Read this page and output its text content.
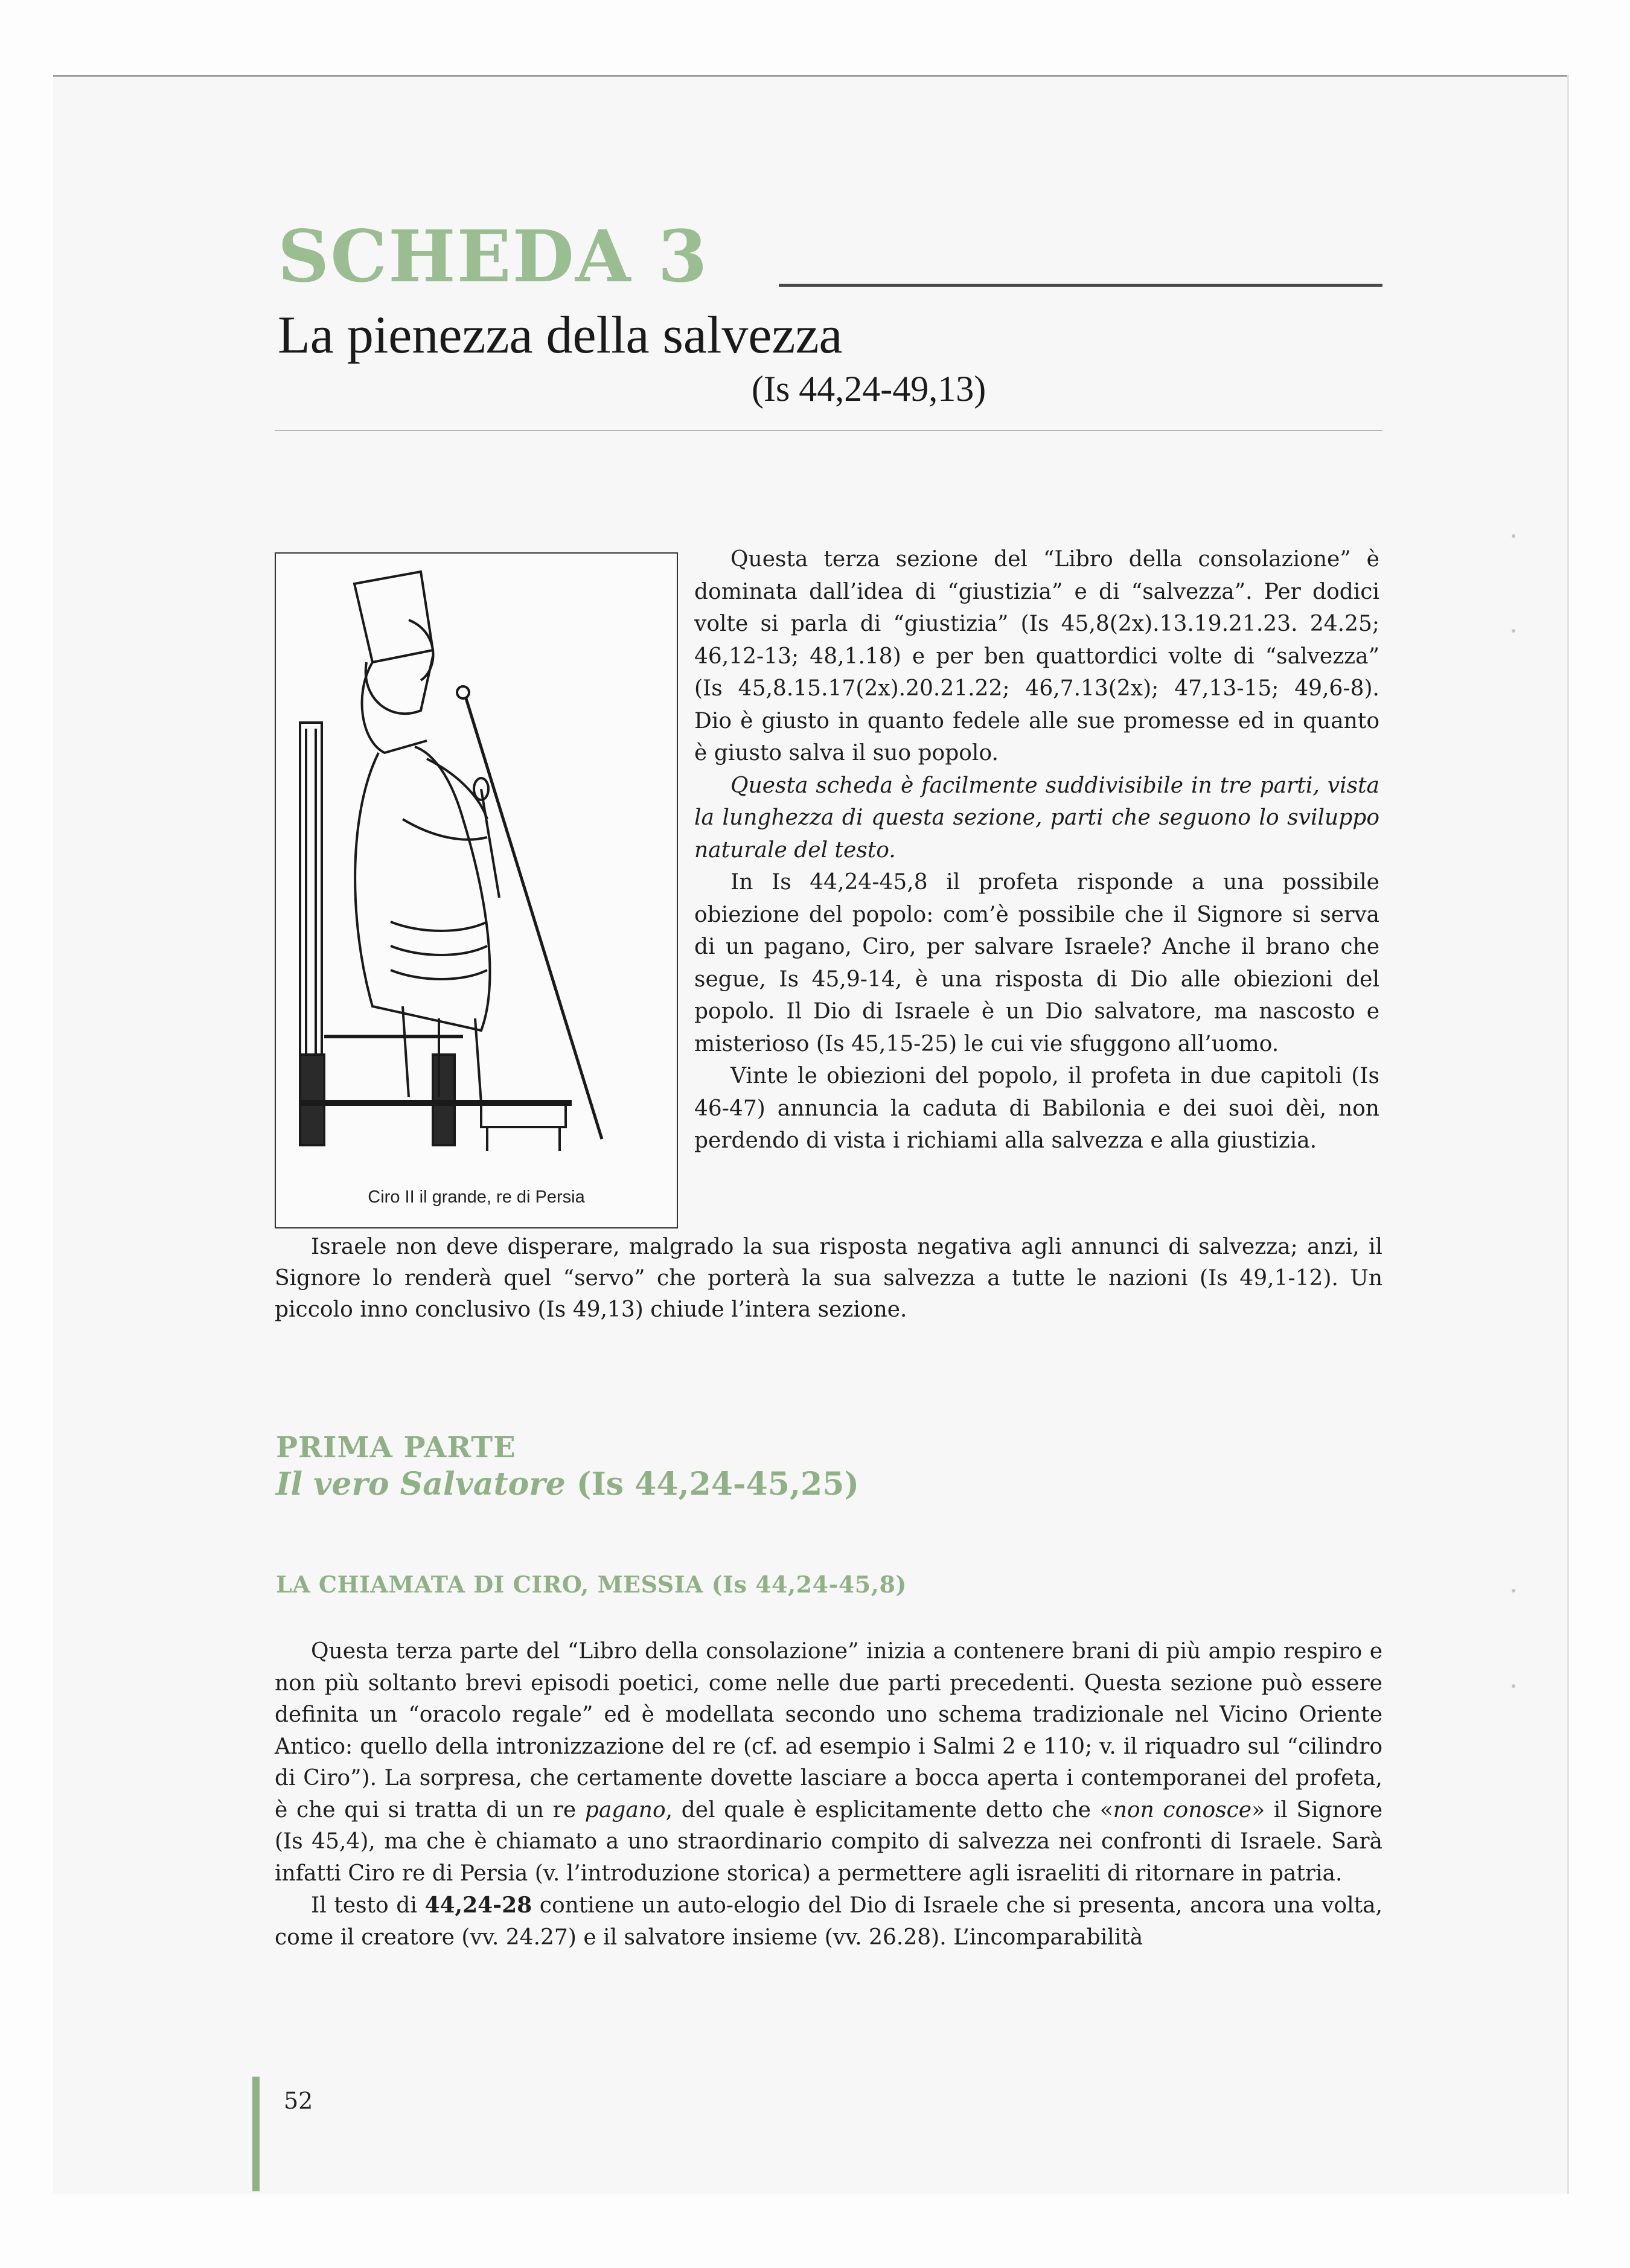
SCHEDA 3
La pienezza della salvezza
(Is 44,24-49,13)
Ciro II il grande, re di Persia

Questa terza sezione del “Libro della consolazione” è dominata dall’idea di “giustizia” e di “salvezza”. Per dodici volte si parla di “giustizia” (Is 45,8(2x).13.19.21.23. 24.25; 46,12-13; 48,1.18) e per ben quattordici volte di “salvezza” (Is 45,8.15.17(2x).20.21.22; 46,7.13(2x); 47,13-15; 49,6-8). Dio è giusto in quanto fedele alle sue promesse ed in quanto è giusto salva il suo popolo.

Questa scheda è facilmente suddivisibile in tre parti, vista la lunghezza di questa sezione, parti che seguono lo sviluppo naturale del testo.

In Is 44,24-45,8 il profeta risponde a una possibile obiezione del popolo: com’è possibile che il Signore si serva di un pagano, Ciro, per salvare Israele? Anche il brano che segue, Is 45,9-14, è una risposta di Dio alle obiezioni del popolo. Il Dio di Israele è un Dio salvatore, ma nascosto e misterioso (Is 45,15-25) le cui vie sfuggono all’uomo.

Vinte le obiezioni del popolo, il profeta in due capitoli (Is 46-47) annuncia la caduta di Babilonia e dei suoi dèi, non perdendo di vista i richiami alla salvezza e alla giustizia.

Israele non deve disperare, malgrado la sua risposta negativa agli annunci di salvezza; anzi, il Signore lo renderà quel “servo” che porterà la sua salvezza a tutte le nazioni (Is 49,1-12). Un piccolo inno conclusivo (Is 49,13) chiude l’intera sezione.

PRIMA PARTE
Il vero Salvatore (Is 44,24-45,25)
LA CHIAMATA DI CIRO, MESSIA (Is 44,24-45,8)

Questa terza parte del “Libro della consolazione” inizia a contenere brani di più ampio respiro e non più soltanto brevi episodi poetici, come nelle due parti precedenti. Questa sezione può essere definita un “oracolo regale” ed è modellata secondo uno schema tradizionale nel Vicino Oriente Antico: quello della intronizzazione del re (cf. ad esempio i Salmi 2 e 110; v. il riquadro sul “cilindro di Ciro”). La sorpresa, che certamente dovette lasciare a bocca aperta i contemporanei del profeta, è che qui si tratta di un re pagano, del quale è esplicitamente detto che «non conosce» il Signore (Is 45,4), ma che è chiamato a uno straordinario compito di salvezza nei confronti di Israele. Sarà infatti Ciro re di Persia (v. l’introduzione storica) a permettere agli israeliti di ritornare in patria.

Il testo di 44,24-28 contiene un auto-elogio del Dio di Israele che si presenta, ancora una volta, come il creatore (vv. 24.27) e il salvatore insieme (vv. 26.28). L’incomparabilità

52
